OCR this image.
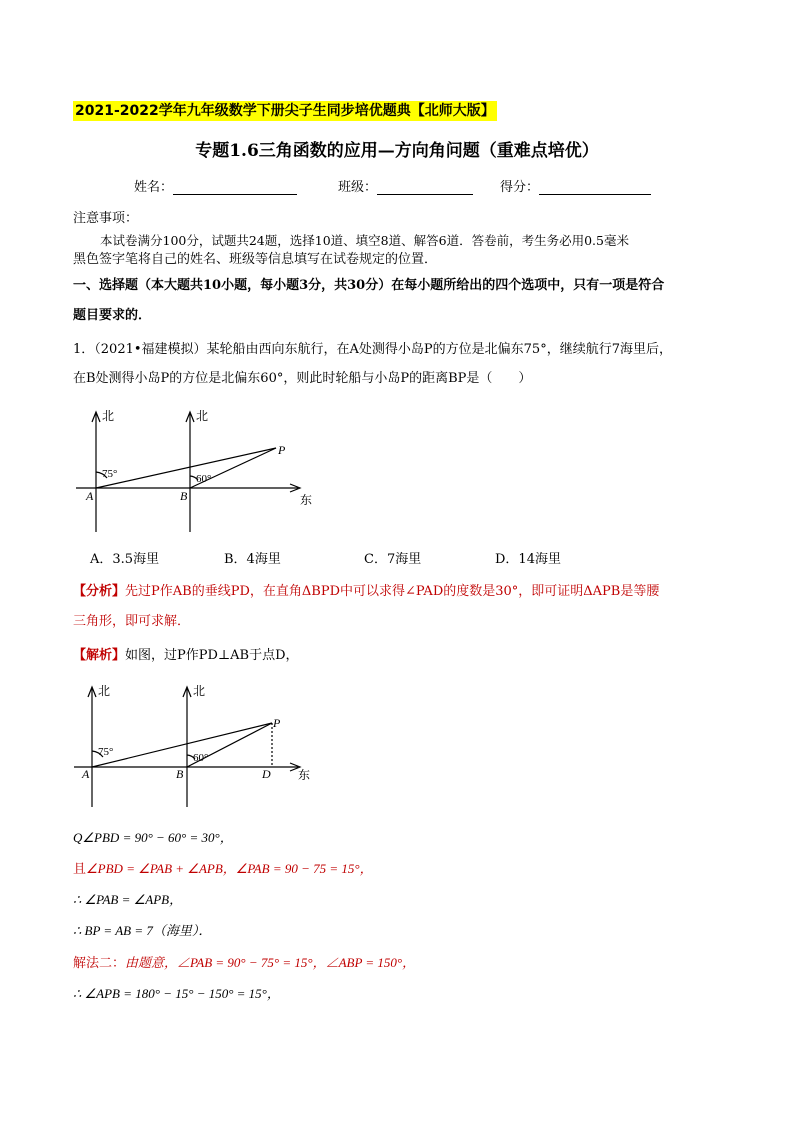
2021-2022学年九年级数学下册尖子生同步培优题典【北师大版】
专题1.6三角函数的应用—方向角问题（重难点培优）
姓名：	班级：	得分：
注意事项：
本试卷满分100分，试题共24题，选择10道、填空8道、解答6道．答卷前，考生务必用0.5毫米
黑色签字笔将自己的姓名、班级等信息填写在试卷规定的位置．
一、选择题（本大题共10小题，每小题3分，共30分）在每小题所给出的四个选项中，只有一项是符合
题目要求的．
1．（2021•福建模拟）某轮船由西向东航行，在A处测得小岛P的方位是北偏东75°，继续航行7海里后，
在B处测得小岛P的方位是北偏东60°，则此时轮船与小岛P的距离BP是（　　）
北	北
东
A	B
P
75°	60°
A．3.5海里	B．4海里	C．7海里	D．14海里
【分析】先过P作AB的垂线PD，在直角ΔBPD中可以求得∠PAD的度数是30°，即可证明ΔAPB是等腰
三角形，即可求解．
【解析】如图，过P作PD⊥AB于点D，
北	北
东
A	B
P
D
75°	60°
Q∠PBD = 90° − 60° = 30°，
且∠PBD = ∠PAB + ∠APB，∠PAB = 90 − 75 = 15°，
∴ ∠PAB = ∠APB，
∴ BP = AB = 7（海里）．
解法二：由题意，∠PAB = 90° − 75° = 15°，∠ABP = 150°，
∴ ∠APB = 180° − 15° − 150° = 15°，
